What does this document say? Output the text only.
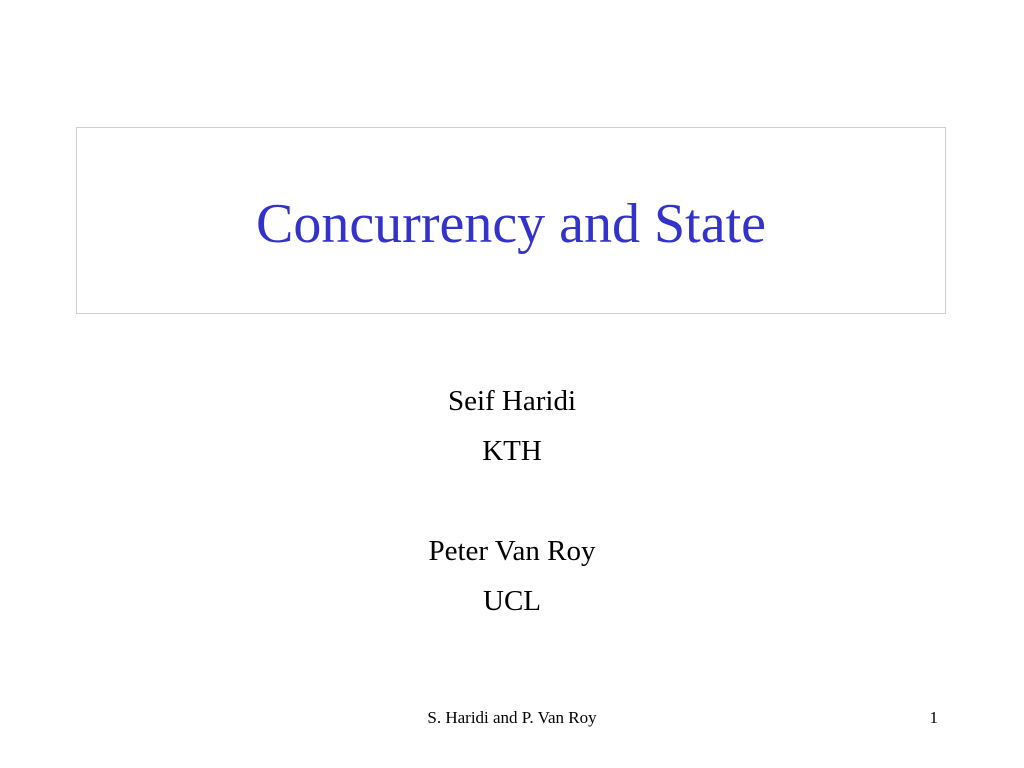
Concurrency and State
Seif Haridi
KTH
Peter Van Roy
UCL
S. Haridi and P. Van Roy	1
